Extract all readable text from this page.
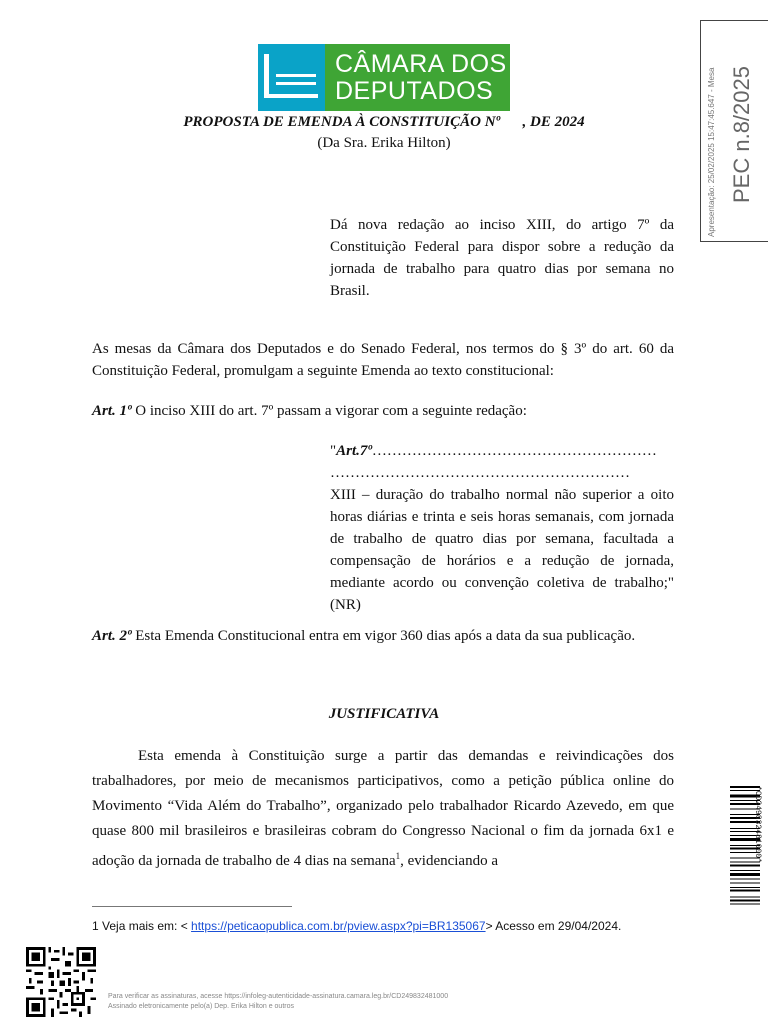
CÂMARA DOS
DEPUTADOS
PROPOSTA DE EMENDA À CONSTITUIÇÃO Nº      , DE 2024
(Da Sra. Erika Hilton)
Dá nova redação ao inciso XIII, do artigo 7º da Constituição Federal para dispor sobre a redução da jornada de trabalho para quatro dias por semana no Brasil.
As mesas da Câmara dos Deputados e do Senado Federal, nos termos do § 3º do art. 60 da Constituição Federal, promulgam a seguinte Emenda ao texto constitucional:
Art. 1º O inciso XIII do art. 7º passam a vigorar com a seguinte redação:
"Art.7º…………………………………………………
……………………………………………………
XIII – duração do trabalho normal não superior a oito horas diárias e trinta e seis horas semanais, com jornada de trabalho de quatro dias por semana, facultada a compensação de horários e a redução de jornada, mediante acordo ou convenção coletiva de trabalho;" (NR)
Art. 2º Esta Emenda Constitucional entra em vigor 360 dias após a data da sua publicação.
JUSTIFICATIVA
Esta emenda à Constituição surge a partir das demandas e reivindicações dos trabalhadores, por meio de mecanismos participativos, como a petição pública online do Movimento “Vida Além do Trabalho”, organizado pelo trabalhador Ricardo Azevedo, em que quase 800 mil brasileiros e brasileiras cobram do Congresso Nacional o fim da jornada 6x1 e adoção da jornada de trabalho de 4 dias na semana$^1$, evidenciando a
1 Veja mais em: < https://peticaopublica.com.br/pview.aspx?pi=BR135067> Acesso em 29/04/2024.
Para verificar as assinaturas, acesse https://infoleg-autenticidade-assinatura.camara.leg.br/CD249832481000
Assinado eletronicamente pelo(a) Dep. Erika Hilton e outros
Apresentação: 25/02/2025 15:47:45.647 - Mesa PEC n.8/2025
*CD249832481000*
